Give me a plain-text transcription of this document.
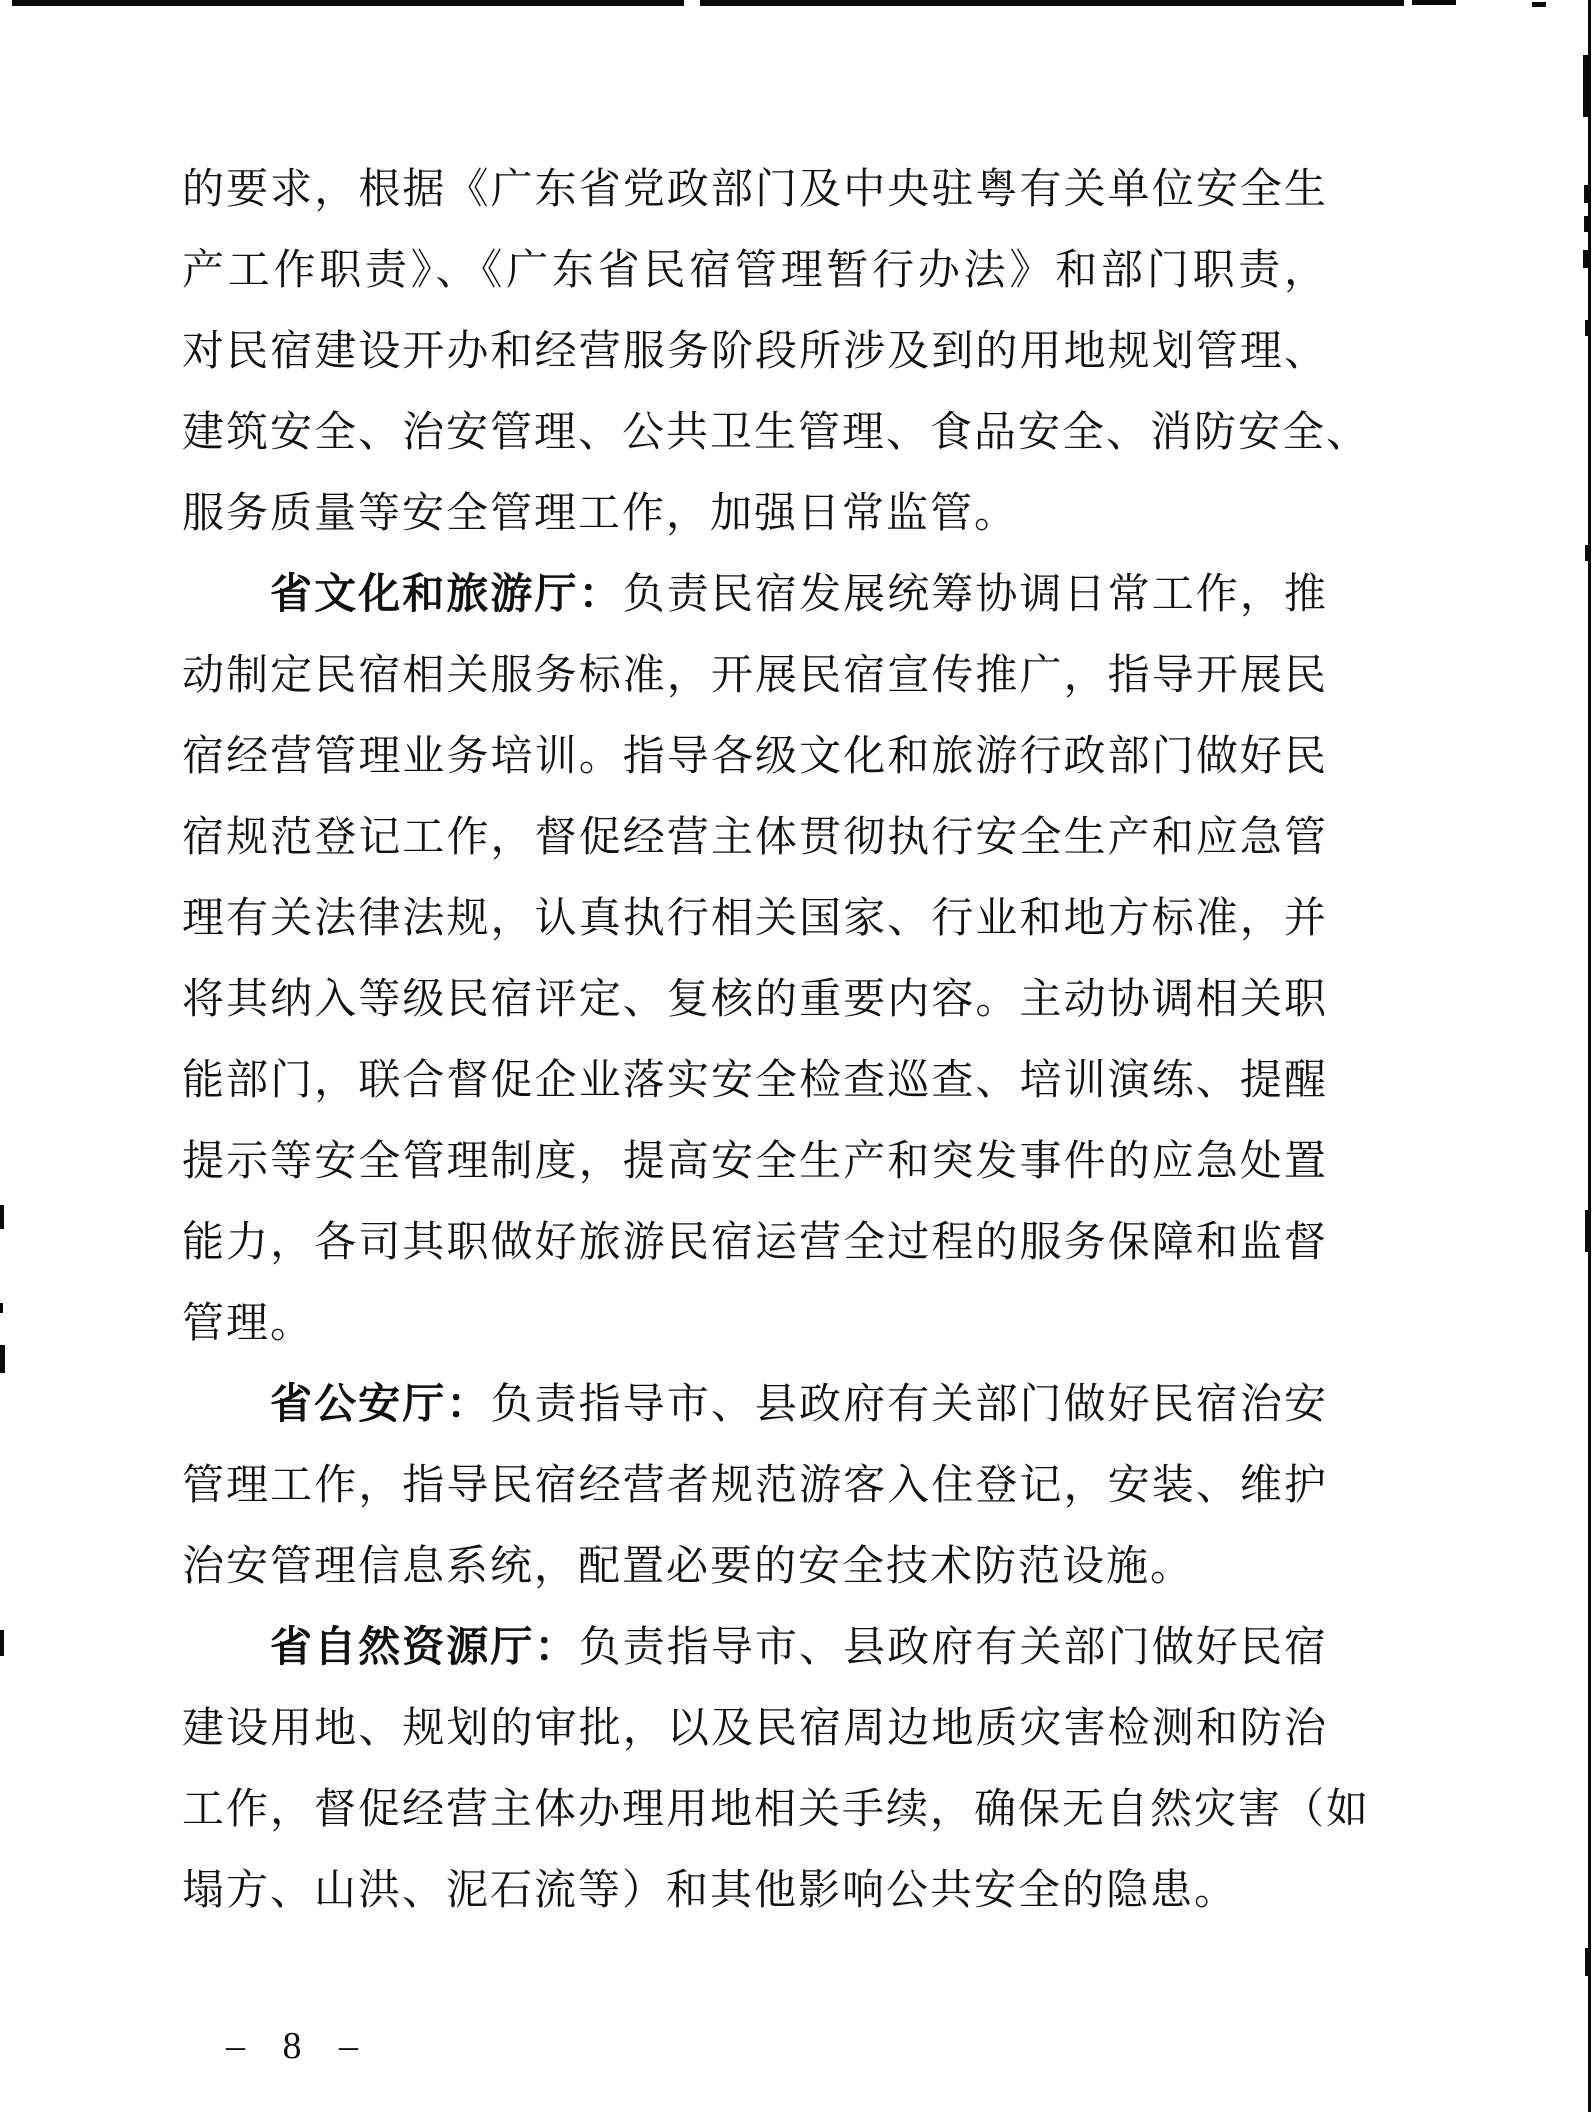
的要求，根据《广东省党政部门及中央驻粤有关单位安全生
产工作职责》、《广东省民宿管理暂行办法》和部门职责，
对民宿建设开办和经营服务阶段所涉及到的用地规划管理、
建筑安全、治安管理、公共卫生管理、食品安全、消防安全、
服务质量等安全管理工作，加强日常监管。
省文化和旅游厅：负责民宿发展统筹协调日常工作，推
动制定民宿相关服务标准，开展民宿宣传推广，指导开展民
宿经营管理业务培训。指导各级文化和旅游行政部门做好民
宿规范登记工作，督促经营主体贯彻执行安全生产和应急管
理有关法律法规，认真执行相关国家、行业和地方标准，并
将其纳入等级民宿评定、复核的重要内容。主动协调相关职
能部门，联合督促企业落实安全检查巡查、培训演练、提醒
提示等安全管理制度，提高安全生产和突发事件的应急处置
能力，各司其职做好旅游民宿运营全过程的服务保障和监督
管理。
省公安厅：负责指导市、县政府有关部门做好民宿治安
管理工作，指导民宿经营者规范游客入住登记，安装、维护
治安管理信息系统，配置必要的安全技术防范设施。
省自然资源厅：负责指导市、县政府有关部门做好民宿
建设用地、规划的审批，以及民宿周边地质灾害检测和防治
工作，督促经营主体办理用地相关手续，确保无自然灾害（如
塌方、山洪、泥石流等）和其他影响公共安全的隐患。
– 8 –
